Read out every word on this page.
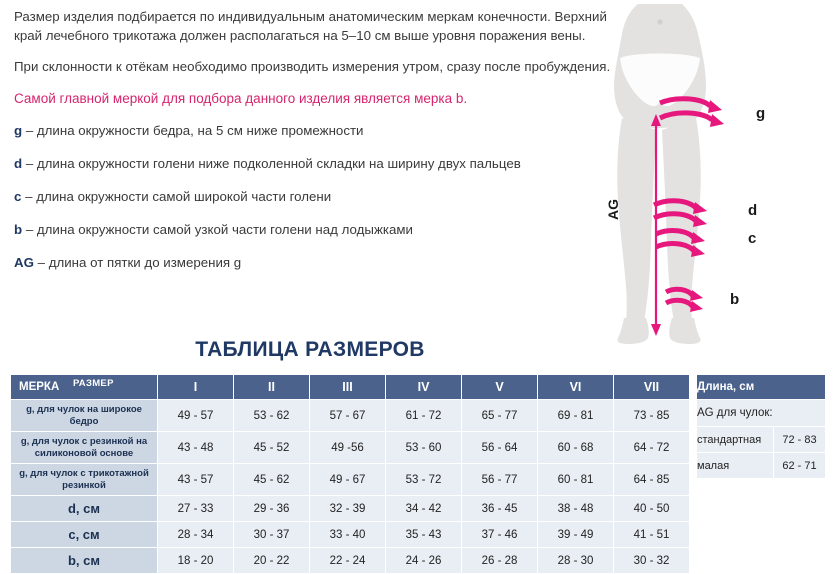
Размер изделия подбирается по индивидуальным анатомическим меркам конечности. Верхний край лечебного трикотажа должен располагаться на 5–10 см выше уровня поражения вены.
При склонности к отёкам необходимо производить измерения утром, сразу после пробуждения.
Самой главной меркой для подбора данного изделия является мерка b.
g – длина окружности бедра, на 5 см ниже промежности
d – длина окружности голени ниже подколенной складки на ширину двух пальцев
c – длина окружности самой широкой части голени
b – длина окружности самой узкой части голени над лодыжками
AG – длина от пятки до измерения g
g
d
c
b
AG
ТАБЛИЦА РАЗМЕРОВ
МЕРКА РАЗМЕР	I	II	III	IV	V	VI	VII
g, для чулок на широкое бедро	49 - 57	53 - 62	57 - 67	61 - 72	65 - 77	69 - 81	73 - 85
g, для чулок с резинкой на силиконовой основе	43 - 48	45 - 52	49 -56	53 - 60	56 - 64	60 - 68	64 - 72
g, для чулок с трикотажной резинкой	43 - 57	45 - 62	49 - 67	53 - 72	56 - 77	60 - 81	64 - 85
d, см	27 - 33	29 - 36	32 - 39	34 - 42	36 - 45	38 - 48	40 - 50
c, см	28 - 34	30 - 37	33 - 40	35 - 43	37 - 46	39 - 49	41 - 51
b, см	18 - 20	20 - 22	22 - 24	24 - 26	26 - 28	28 - 30	30 - 32
Длина, см	
AG для чулок:	
стандартная	72 - 83
малая	62 - 71
